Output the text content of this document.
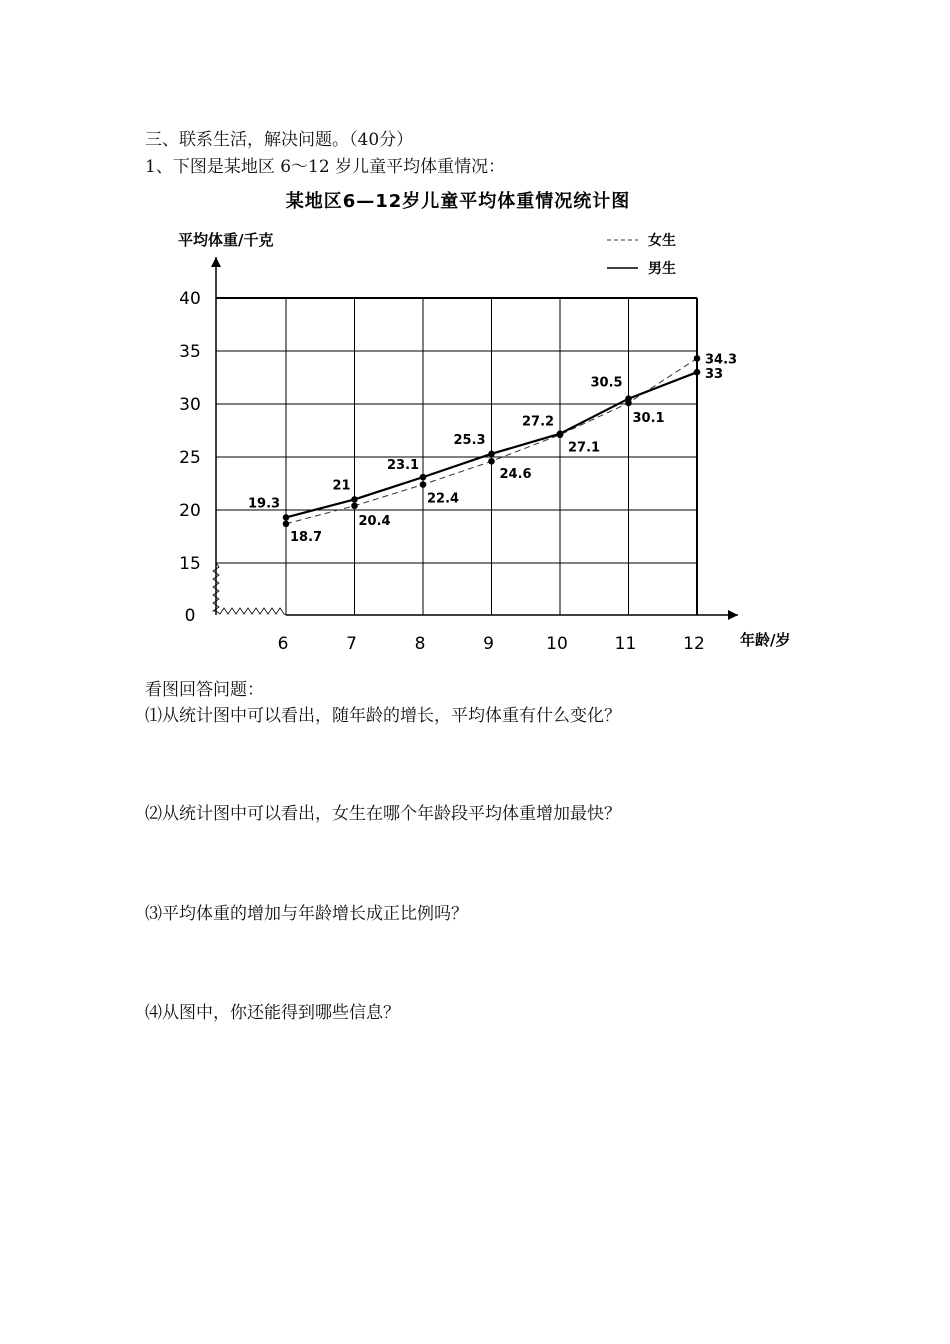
三、联系生活，解决问题。（40分）
1、下图是某地区 6～12 岁儿童平均体重情况：
某地区6—12岁儿童平均体重情况统计图
平均体重/千克
年龄/岁
女生
男生
0
15
20
25
30
35
40
6	7	8	9	10	11	12
18.7
20.4
22.4
24.6
27.1
30.1
34.3
19.3
21
23.1
25.3
27.2
30.5
33
看图回答问题：
⑴从统计图中可以看出，随年龄的增长，平均体重有什么变化？
⑵从统计图中可以看出，女生在哪个年龄段平均体重增加最快？
⑶平均体重的增加与年龄增长成正比例吗？
⑷从图中，你还能得到哪些信息？
